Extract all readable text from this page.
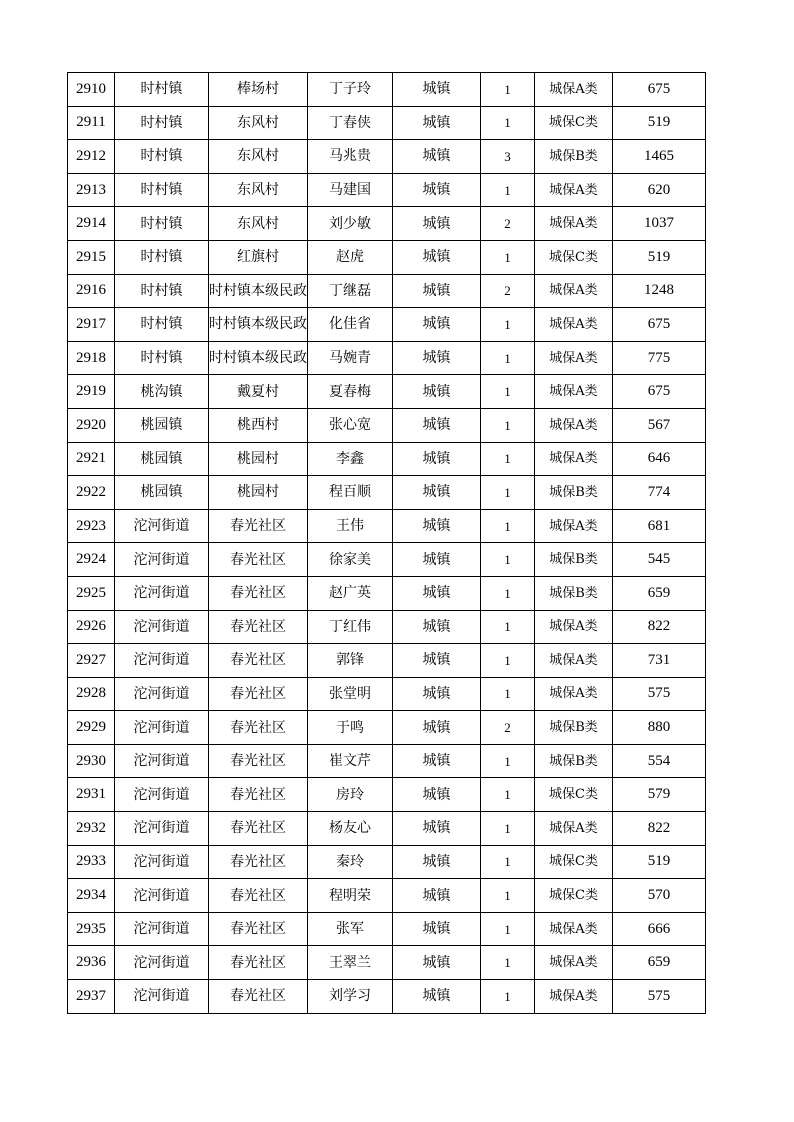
2910	时村镇	棒场村	丁子玲	城镇	1	城保A类	675
2911	时村镇	东风村	丁春侠	城镇	1	城保C类	519
2912	时村镇	东风村	马兆贵	城镇	3	城保B类	1465
2913	时村镇	东风村	马建国	城镇	1	城保A类	620
2914	时村镇	东风村	刘少敏	城镇	2	城保A类	1037
2915	时村镇	红旗村	赵虎	城镇	1	城保C类	519
2916	时村镇	时村镇本级民政	丁继磊	城镇	2	城保A类	1248
2917	时村镇	时村镇本级民政	化佳省	城镇	1	城保A类	675
2918	时村镇	时村镇本级民政	马婉青	城镇	1	城保A类	775
2919	桃沟镇	戴夏村	夏春梅	城镇	1	城保A类	675
2920	桃园镇	桃西村	张心宽	城镇	1	城保A类	567
2921	桃园镇	桃园村	李鑫	城镇	1	城保A类	646
2922	桃园镇	桃园村	程百顺	城镇	1	城保B类	774
2923	沱河街道	春光社区	王伟	城镇	1	城保A类	681
2924	沱河街道	春光社区	徐家美	城镇	1	城保B类	545
2925	沱河街道	春光社区	赵广英	城镇	1	城保B类	659
2926	沱河街道	春光社区	丁红伟	城镇	1	城保A类	822
2927	沱河街道	春光社区	郭锋	城镇	1	城保A类	731
2928	沱河街道	春光社区	张堂明	城镇	1	城保A类	575
2929	沱河街道	春光社区	于鸣	城镇	2	城保B类	880
2930	沱河街道	春光社区	崔文芹	城镇	1	城保B类	554
2931	沱河街道	春光社区	房玲	城镇	1	城保C类	579
2932	沱河街道	春光社区	杨友心	城镇	1	城保A类	822
2933	沱河街道	春光社区	秦玲	城镇	1	城保C类	519
2934	沱河街道	春光社区	程明荣	城镇	1	城保C类	570
2935	沱河街道	春光社区	张军	城镇	1	城保A类	666
2936	沱河街道	春光社区	王翠兰	城镇	1	城保A类	659
2937	沱河街道	春光社区	刘学习	城镇	1	城保A类	575
